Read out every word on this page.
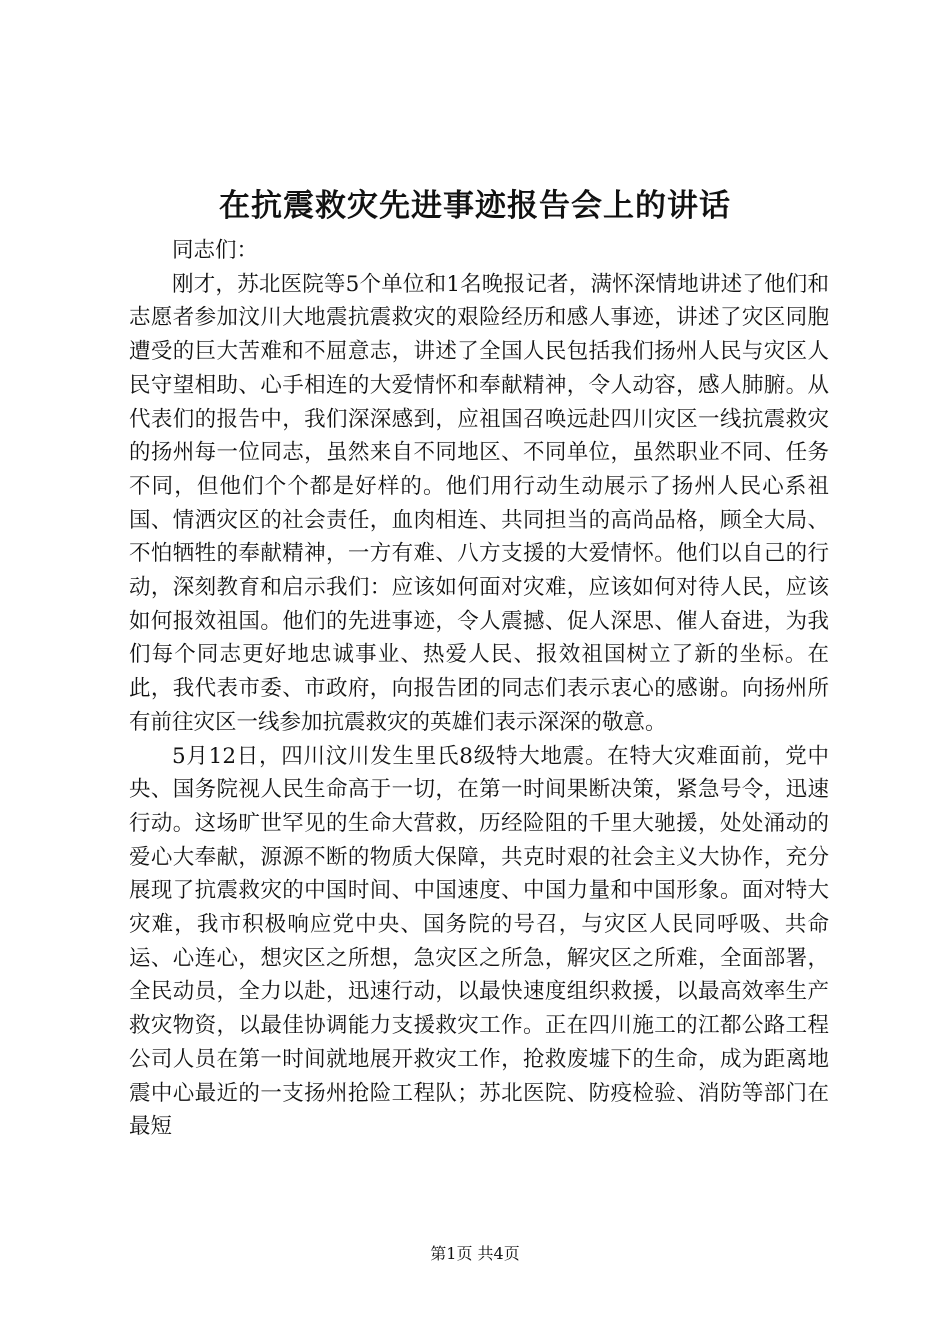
在抗震救灾先进事迹报告会上的讲话

同志们：

刚才，苏北医院等5个单位和1名晚报记者，满怀深情地讲述了他们和志愿者参加汶川大地震抗震救灾的艰险经历和感人事迹，讲述了灾区同胞遭受的巨大苦难和不屈意志，讲述了全国人民包括我们扬州人民与灾区人民守望相助、心手相连的大爱情怀和奉献精神，令人动容，感人肺腑。从代表们的报告中，我们深深感到，应祖国召唤远赴四川灾区一线抗震救灾的扬州每一位同志，虽然来自不同地区、不同单位，虽然职业不同、任务不同，但他们个个都是好样的。他们用行动生动展示了扬州人民心系祖国、情洒灾区的社会责任，血肉相连、共同担当的高尚品格，顾全大局、不怕牺牲的奉献精神，一方有难、八方支援的大爱情怀。他们以自己的行动，深刻教育和启示我们：应该如何面对灾难，应该如何对待人民，应该如何报效祖国。他们的先进事迹，令人震撼、促人深思、催人奋进，为我们每个同志更好地忠诚事业、热爱人民、报效祖国树立了新的坐标。在此，我代表市委、市政府，向报告团的同志们表示衷心的感谢。向扬州所有前往灾区一线参加抗震救灾的英雄们表示深深的敬意。

5月12日，四川汶川发生里氏8级特大地震。在特大灾难面前，党中央、国务院视人民生命高于一切，在第一时间果断决策，紧急号令，迅速行动。这场旷世罕见的生命大营救，历经险阻的千里大驰援，处处涌动的爱心大奉献，源源不断的物质大保障，共克时艰的社会主义大协作，充分展现了抗震救灾的中国时间、中国速度、中国力量和中国形象。面对特大灾难，我市积极响应党中央、国务院的号召，与灾区人民同呼吸、共命运、心连心，想灾区之所想，急灾区之所急，解灾区之所难，全面部署，全民动员，全力以赴，迅速行动，以最快速度组织救援，以最高效率生产救灾物资，以最佳协调能力支援救灾工作。正在四川施工的江都公路工程公司人员在第一时间就地展开救灾工作，抢救废墟下的生命，成为距离地震中心最近的一支扬州抢险工程队；苏北医院、防疫检验、消防等部门在最短

第1页 共4页
